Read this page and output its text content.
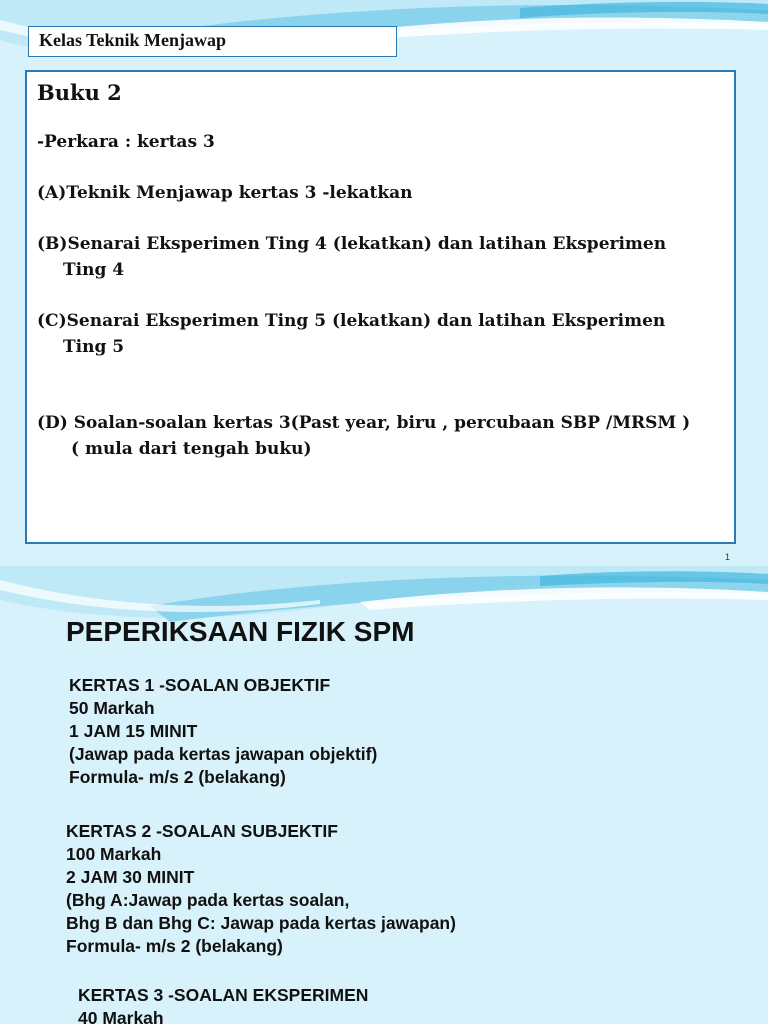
Kelas Teknik Menjawap
Buku 2
-Perkara : kertas 3
(A)Teknik Menjawap kertas 3 -lekatkan
(B)Senarai Eksperimen Ting 4 (lekatkan) dan latihan Eksperimen
Ting 4
(C)Senarai Eksperimen Ting 5 (lekatkan) dan latihan Eksperimen
Ting 5
(D) Soalan-soalan kertas 3(Past year, biru , percubaan SBP /MRSM )
( mula dari tengah buku)
1
PEPERIKSAAN FIZIK SPM
KERTAS 1 -SOALAN OBJEKTIF
50 Markah
1 JAM 15 MINIT
(Jawap pada kertas jawapan objektif)
Formula- m/s 2 (belakang)
KERTAS 2 -SOALAN SUBJEKTIF
100 Markah
2 JAM 30 MINIT
(Bhg A:Jawap pada kertas soalan,
Bhg B dan Bhg C: Jawap pada kertas jawapan)
Formula- m/s 2 (belakang)
KERTAS 3 -SOALAN EKSPERIMEN
40 Markah
